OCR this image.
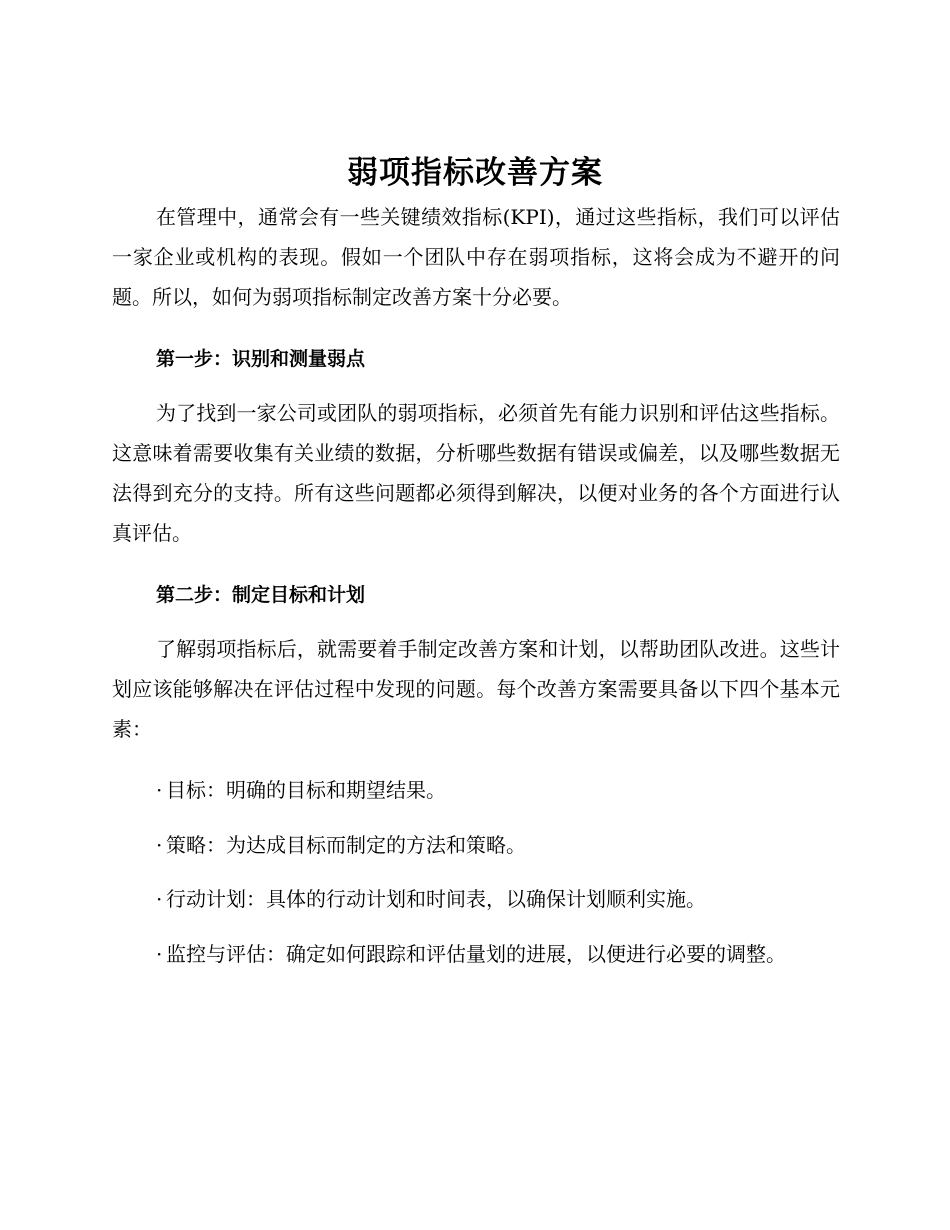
弱项指标改善方案

在管理中，通常会有一些关键绩效指标(KPI)，通过这些指标，我们可以评估一家企业或机构的表现。假如一个团队中存在弱项指标，这将会成为不避开的问题。所以，如何为弱项指标制定改善方案十分必要。

第一步：识别和测量弱点

为了找到一家公司或团队的弱项指标，必须首先有能力识别和评估这些指标。这意味着需要收集有关业绩的数据，分析哪些数据有错误或偏差，以及哪些数据无法得到充分的支持。所有这些问题都必须得到解决，以便对业务的各个方面进行认真评估。

第二步：制定目标和计划

了解弱项指标后，就需要着手制定改善方案和计划，以帮助团队改进。这些计划应该能够解决在评估过程中发现的问题。每个改善方案需要具备以下四个基本元素：

· 目标：明确的目标和期望结果。

· 策略：为达成目标而制定的方法和策略。

· 行动计划：具体的行动计划和时间表，以确保计划顺利实施。

· 监控与评估：确定如何跟踪和评估量划的进展，以便进行必要的调整。
